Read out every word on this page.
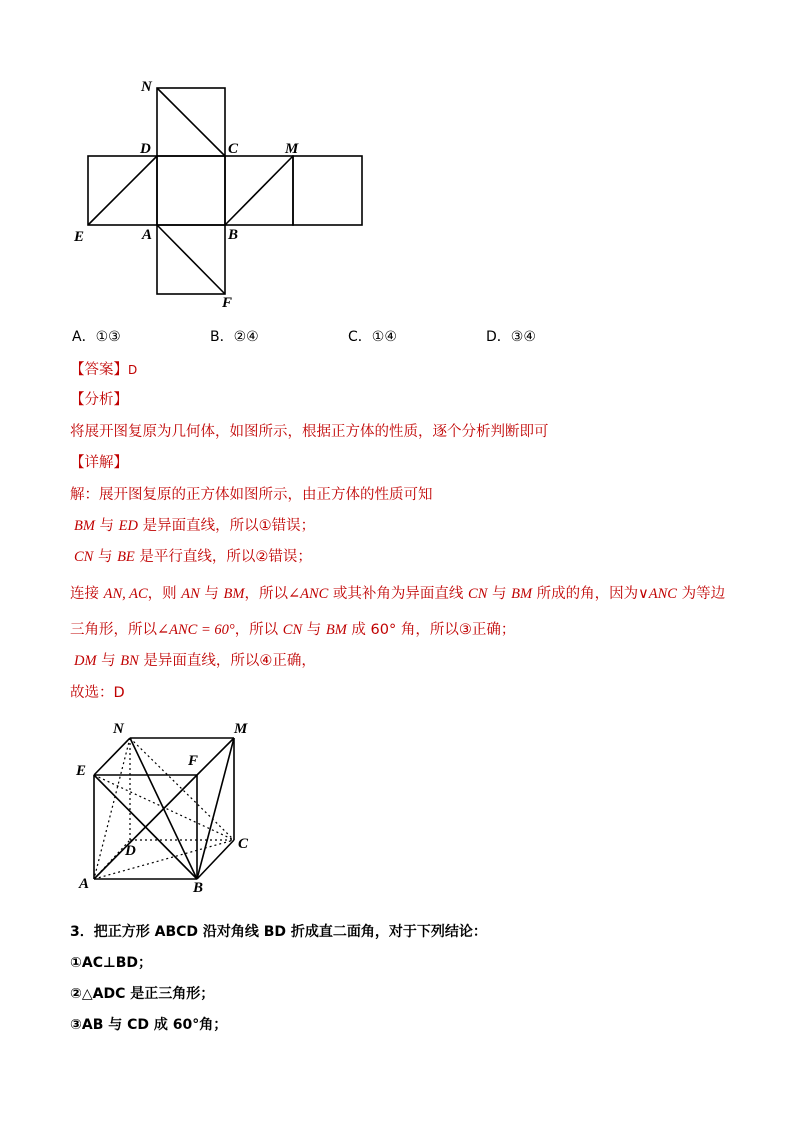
N
D	C	M
E	A	B
F
A．①③	B．②④	C．①④	D．③④
【答案】D
【分析】
将展开图复原为几何体，如图所示，根据正方体的性质，逐个分析判断即可
【详解】
解：展开图复原的正方体如图所示，由正方体的性质可知
BM 与 ED 是异面直线，所以①错误；
CN 与 BE 是平行直线，所以②错误；
连接 AN, AC，则 AN 与 BM，所以∠ANC 或其补角为异面直线 CN 与 BM 所成的角，因为∨ANC 为等边
三角形，所以∠ANC = 60°，所以 CN 与 BM 成 60° 角，所以③正确；
DM 与 BN 是异面直线，所以④正确，
故选：D
N	M
E
F
D	C
A	B
3．把正方形 ABCD 沿对角线 BD 折成直二面角，对于下列结论：
①AC⊥BD；
②△ADC 是正三角形；
③AB 与 CD 成 60°角；
